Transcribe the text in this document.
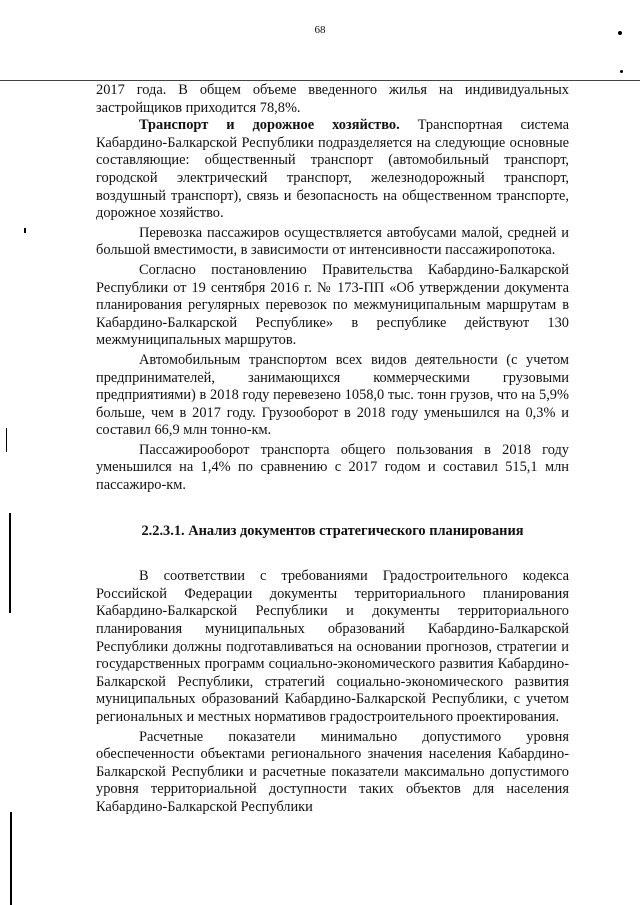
68

2017 года. В общем объеме введенного жилья на индивидуальных застройщиков приходится 78,8%.

Транспорт и дорожное хозяйство. Транспортная система Кабардино-Балкарской Республики подразделяется на следующие основные составляющие: общественный транспорт (автомобильный транспорт, городской электрический транспорт, железнодорожный транспорт, воздушный транспорт), связь и безопасность на общественном транспорте, дорожное хозяйство.

Перевозка пассажиров осуществляется автобусами малой, средней и большой вместимости, в зависимости от интенсивности пассажиропотока.

Согласно постановлению Правительства Кабардино-Балкарской Республики от 19 сентября 2016 г. № 173-ПП «Об утверждении документа планирования регулярных перевозок по межмуниципальным маршрутам в Кабардино-Балкарской Республике» в республике действуют 130 межмуниципальных маршрутов.

Автомобильным транспортом всех видов деятельности (с учетом предпринимателей, занимающихся коммерческими грузовыми предприятиями) в 2018 году перевезено 1058,0 тыс. тонн грузов, что на 5,9% больше, чем в 2017 году. Грузооборот в 2018 году уменьшился на 0,3% и составил 66,9 млн тонно-км.

Пассажирооборот транспорта общего пользования в 2018 году уменьшился на 1,4% по сравнению с 2017 годом и составил 515,1 млн пассажиро-км.

2.2.3.1. Анализ документов стратегического планирования

В соответствии с требованиями Градостроительного кодекса Российской Федерации документы территориального планирования Кабардино-Балкарской Республики и документы территориального планирования муниципальных образований Кабардино-Балкарской Республики должны подготавливаться на основании прогнозов, стратегии и государственных программ социально-экономического развития Кабардино-Балкарской Республики, стратегий социально-экономического развития муниципальных образований Кабардино-Балкарской Республики, с учетом региональных и местных нормативов градостроительного проектирования.

Расчетные показатели минимально допустимого уровня обеспеченности объектами регионального значения населения Кабардино-Балкарской Республики и расчетные показатели максимально допустимого уровня территориальной доступности таких объектов для населения Кабардино-Балкарской Республики
